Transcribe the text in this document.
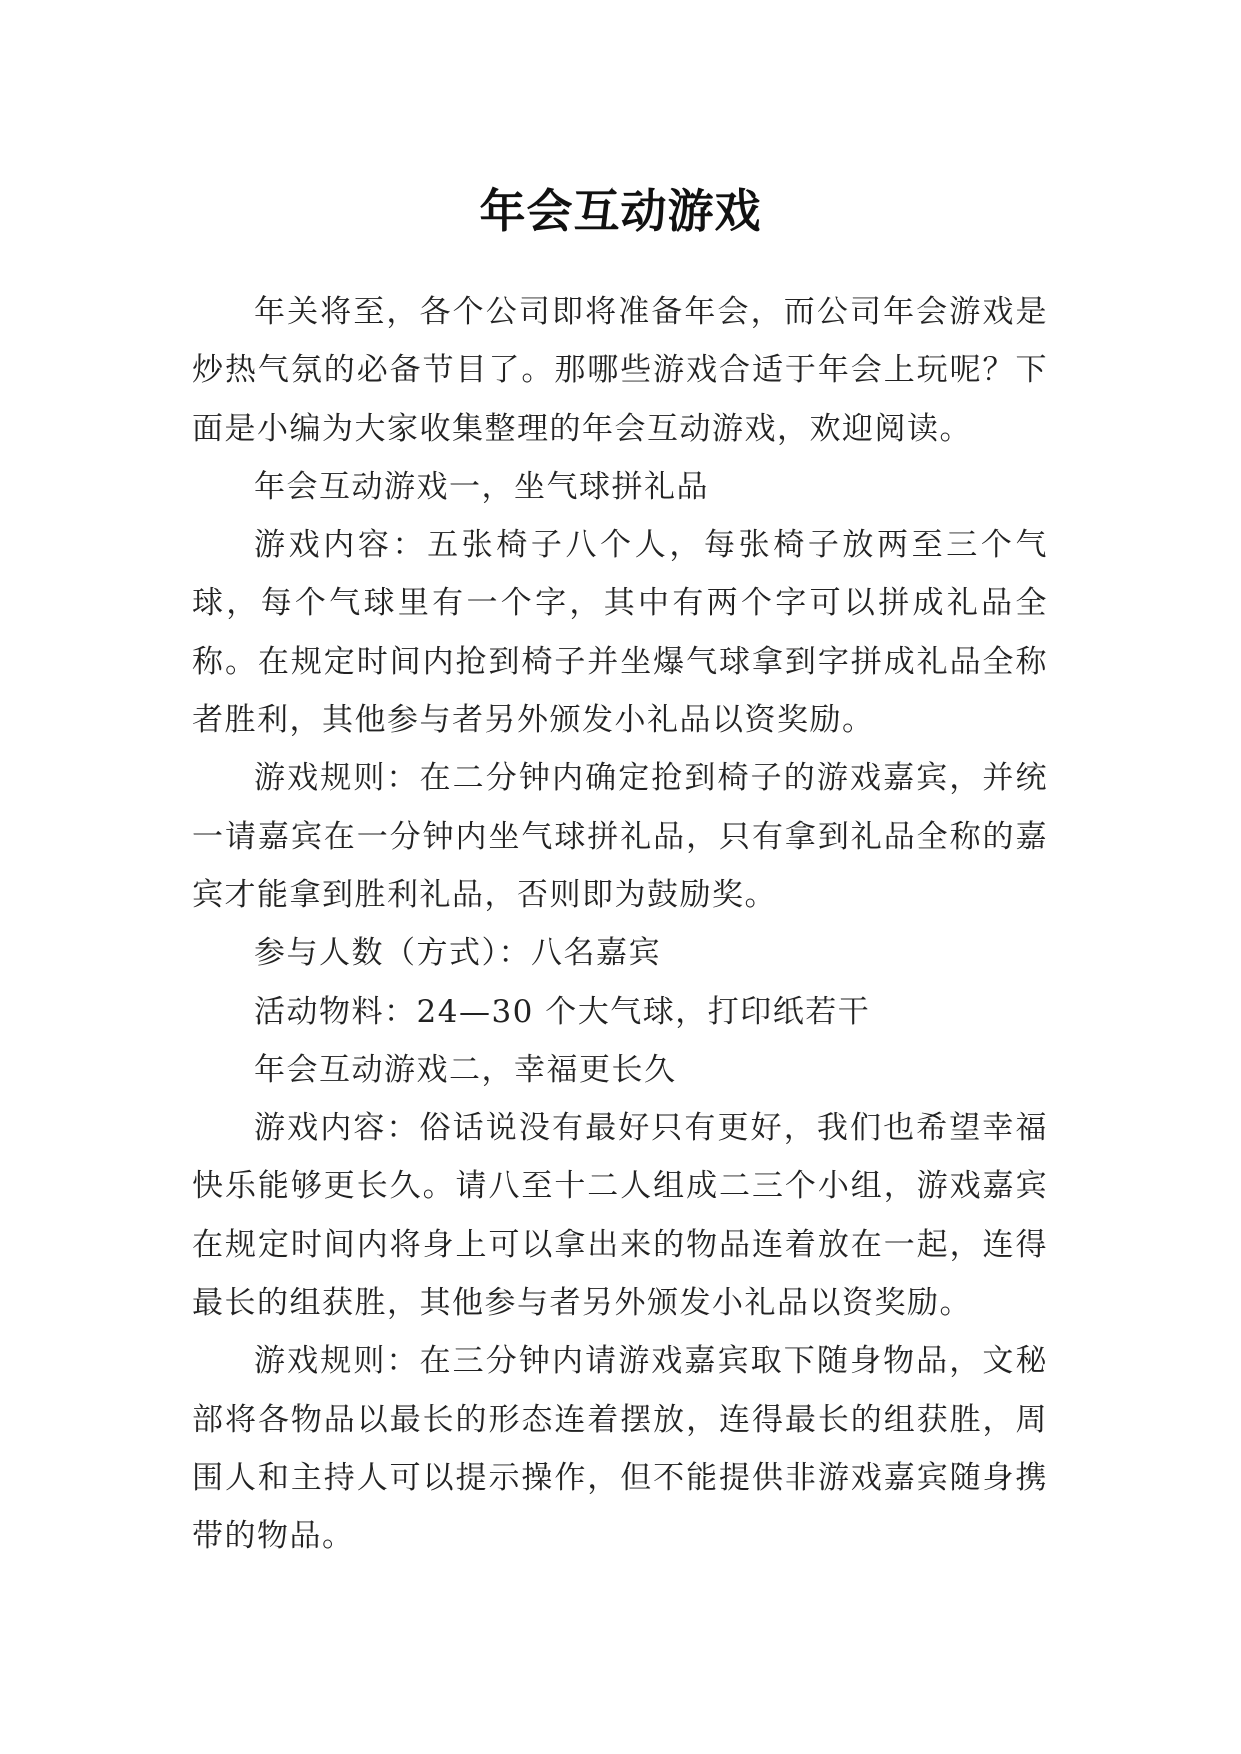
年会互动游戏

年关将至，各个公司即将准备年会，而公司年会游戏是炒热气氛的必备节目了。那哪些游戏合适于年会上玩呢？下面是小编为大家收集整理的年会互动游戏，欢迎阅读。

年会互动游戏一，坐气球拼礼品

游戏内容：五张椅子八个人，每张椅子放两至三个气球，每个气球里有一个字，其中有两个字可以拼成礼品全称。在规定时间内抢到椅子并坐爆气球拿到字拼成礼品全称者胜利，其他参与者另外颁发小礼品以资奖励。

游戏规则：在二分钟内确定抢到椅子的游戏嘉宾，并统一请嘉宾在一分钟内坐气球拼礼品，只有拿到礼品全称的嘉宾才能拿到胜利礼品，否则即为鼓励奖。

参与人数（方式）：八名嘉宾

活动物料：24—30 个大气球，打印纸若干

年会互动游戏二，幸福更长久

游戏内容：俗话说没有最好只有更好，我们也希望幸福快乐能够更长久。请八至十二人组成二三个小组，游戏嘉宾在规定时间内将身上可以拿出来的物品连着放在一起，连得最长的组获胜，其他参与者另外颁发小礼品以资奖励。

游戏规则：在三分钟内请游戏嘉宾取下随身物品，文秘部将各物品以最长的形态连着摆放，连得最长的组获胜，周围人和主持人可以提示操作，但不能提供非游戏嘉宾随身携带的物品。
